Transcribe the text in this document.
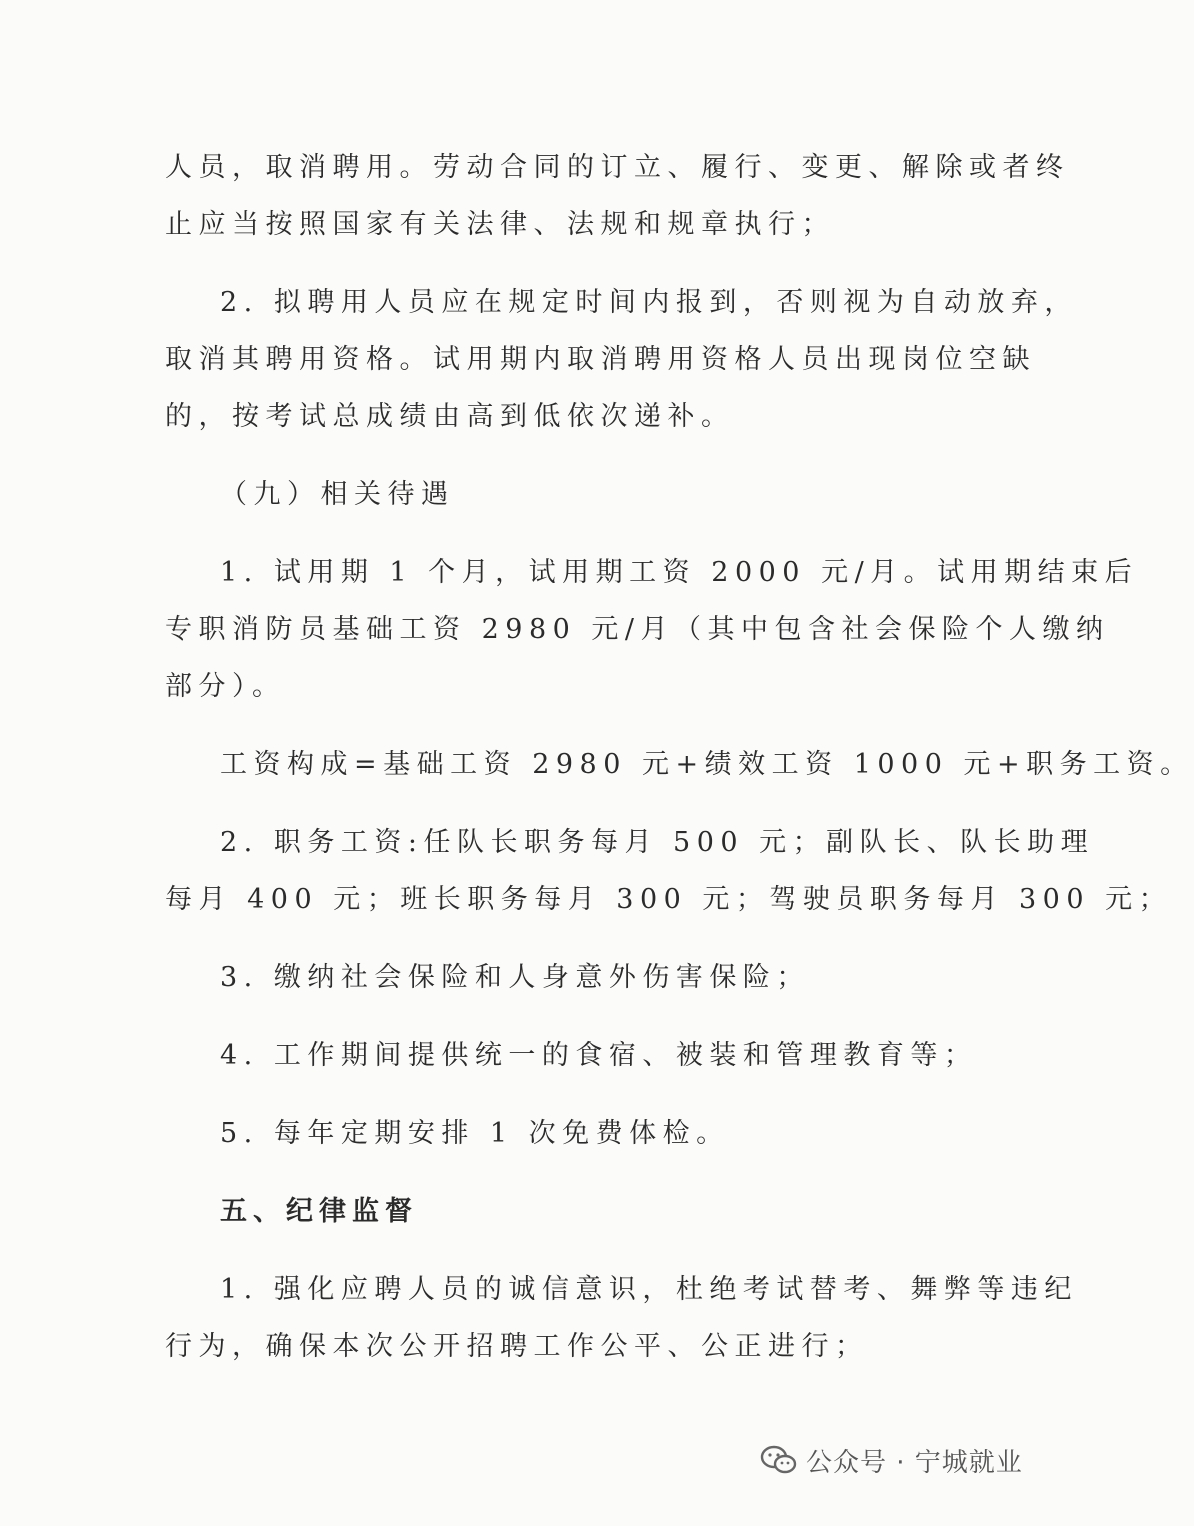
人员，取消聘用。劳动合同的订立、履行、变更、解除或者终
止应当按照国家有关法律、法规和规章执行；
2. 拟聘用人员应在规定时间内报到，否则视为自动放弃，
取消其聘用资格。试用期内取消聘用资格人员出现岗位空缺
的，按考试总成绩由高到低依次递补。
（九）相关待遇
1. 试用期 1 个月，试用期工资 2000 元/月。试用期结束后
专职消防员基础工资 2980 元/月（其中包含社会保险个人缴纳
部分）。
工资构成=基础工资 2980 元+绩效工资 1000 元+职务工资。
2. 职务工资:任队长职务每月 500 元；副队长、队长助理
每月 400 元；班长职务每月 300 元；驾驶员职务每月 300 元；
3. 缴纳社会保险和人身意外伤害保险；
4. 工作期间提供统一的食宿、被装和管理教育等；
5. 每年定期安排 1 次免费体检。
五、纪律监督
1. 强化应聘人员的诚信意识，杜绝考试替考、舞弊等违纪
行为，确保本次公开招聘工作公平、公正进行；
公众号 · 宁城就业
